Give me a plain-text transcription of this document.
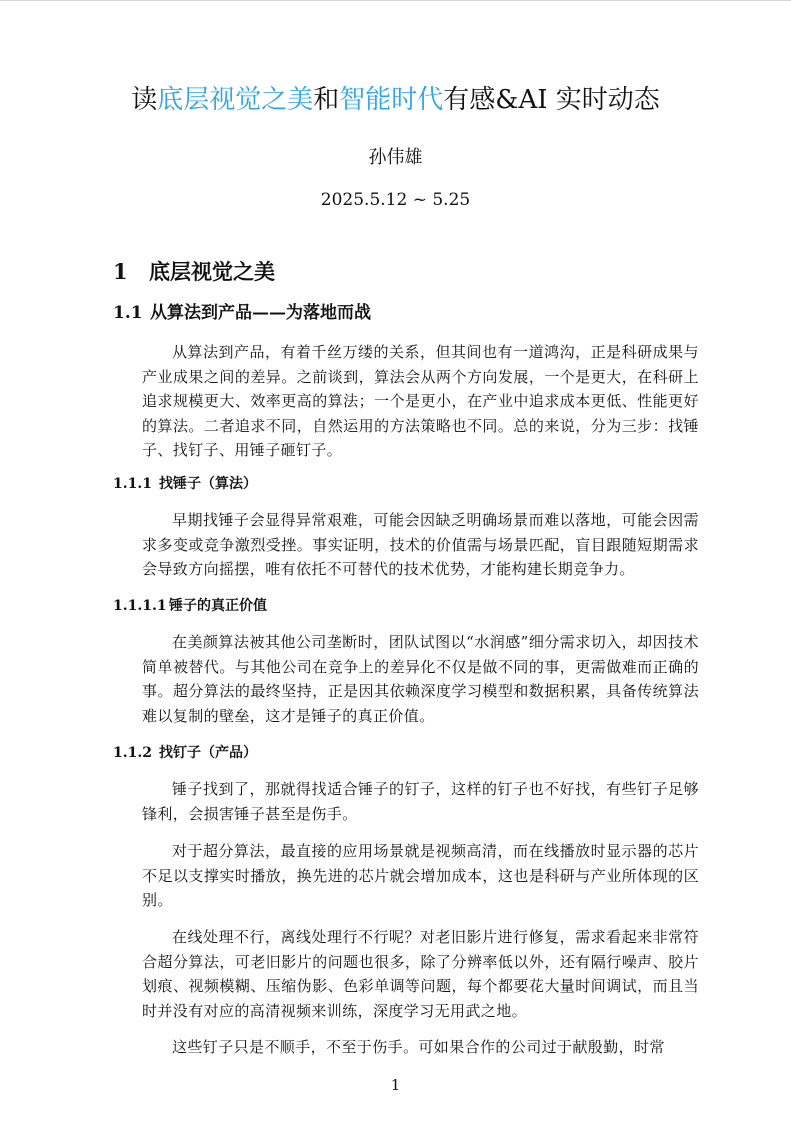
读底层视觉之美和智能时代有感&AI 实时动态
孙伟雄
2025.5.12 ~ 5.25
1 底层视觉之美
1.1 从算法到产品——为落地而战
从算法到产品，有着千丝万缕的关系，但其间也有一道鸿沟，正是科研成果与产业成果之间的差异。之前谈到，算法会从两个方向发展，一个是更大，在科研上追求规模更大、效率更高的算法；一个是更小，在产业中追求成本更低、性能更好的算法。二者追求不同，自然运用的方法策略也不同。总的来说，分为三步：找锤子、找钉子、用锤子砸钉子。
1.1.1 找锤子（算法）
早期找锤子会显得异常艰难，可能会因缺乏明确场景而难以落地，可能会因需求多变或竞争激烈受挫。事实证明，技术的价值需与场景匹配，盲目跟随短期需求会导致方向摇摆，唯有依托不可替代的技术优势，才能构建长期竞争力。
1.1.1.1 锤子的真正价值
在美颜算法被其他公司垄断时，团队试图以“水润感”细分需求切入，却因技术简单被替代。与其他公司在竞争上的差异化不仅是做不同的事，更需做难而正确的事。超分算法的最终坚持，正是因其依赖深度学习模型和数据积累，具备传统算法难以复制的壁垒，这才是锤子的真正价值。
1.1.2 找钉子（产品）
锤子找到了，那就得找适合锤子的钉子，这样的钉子也不好找，有些钉子足够锋利，会损害锤子甚至是伤手。
对于超分算法，最直接的应用场景就是视频高清，而在线播放时显示器的芯片不足以支撑实时播放，换先进的芯片就会增加成本，这也是科研与产业所体现的区别。
在线处理不行，离线处理行不行呢？对老旧影片进行修复，需求看起来非常符合超分算法，可老旧影片的问题也很多，除了分辨率低以外，还有隔行噪声、胶片划痕、视频模糊、压缩伪影、色彩单调等问题，每个都要花大量时间调试，而且当时并没有对应的高清视频来训练，深度学习无用武之地。
这些钉子只是不顺手，不至于伤手。可如果合作的公司过于献殷勤，时常
1
